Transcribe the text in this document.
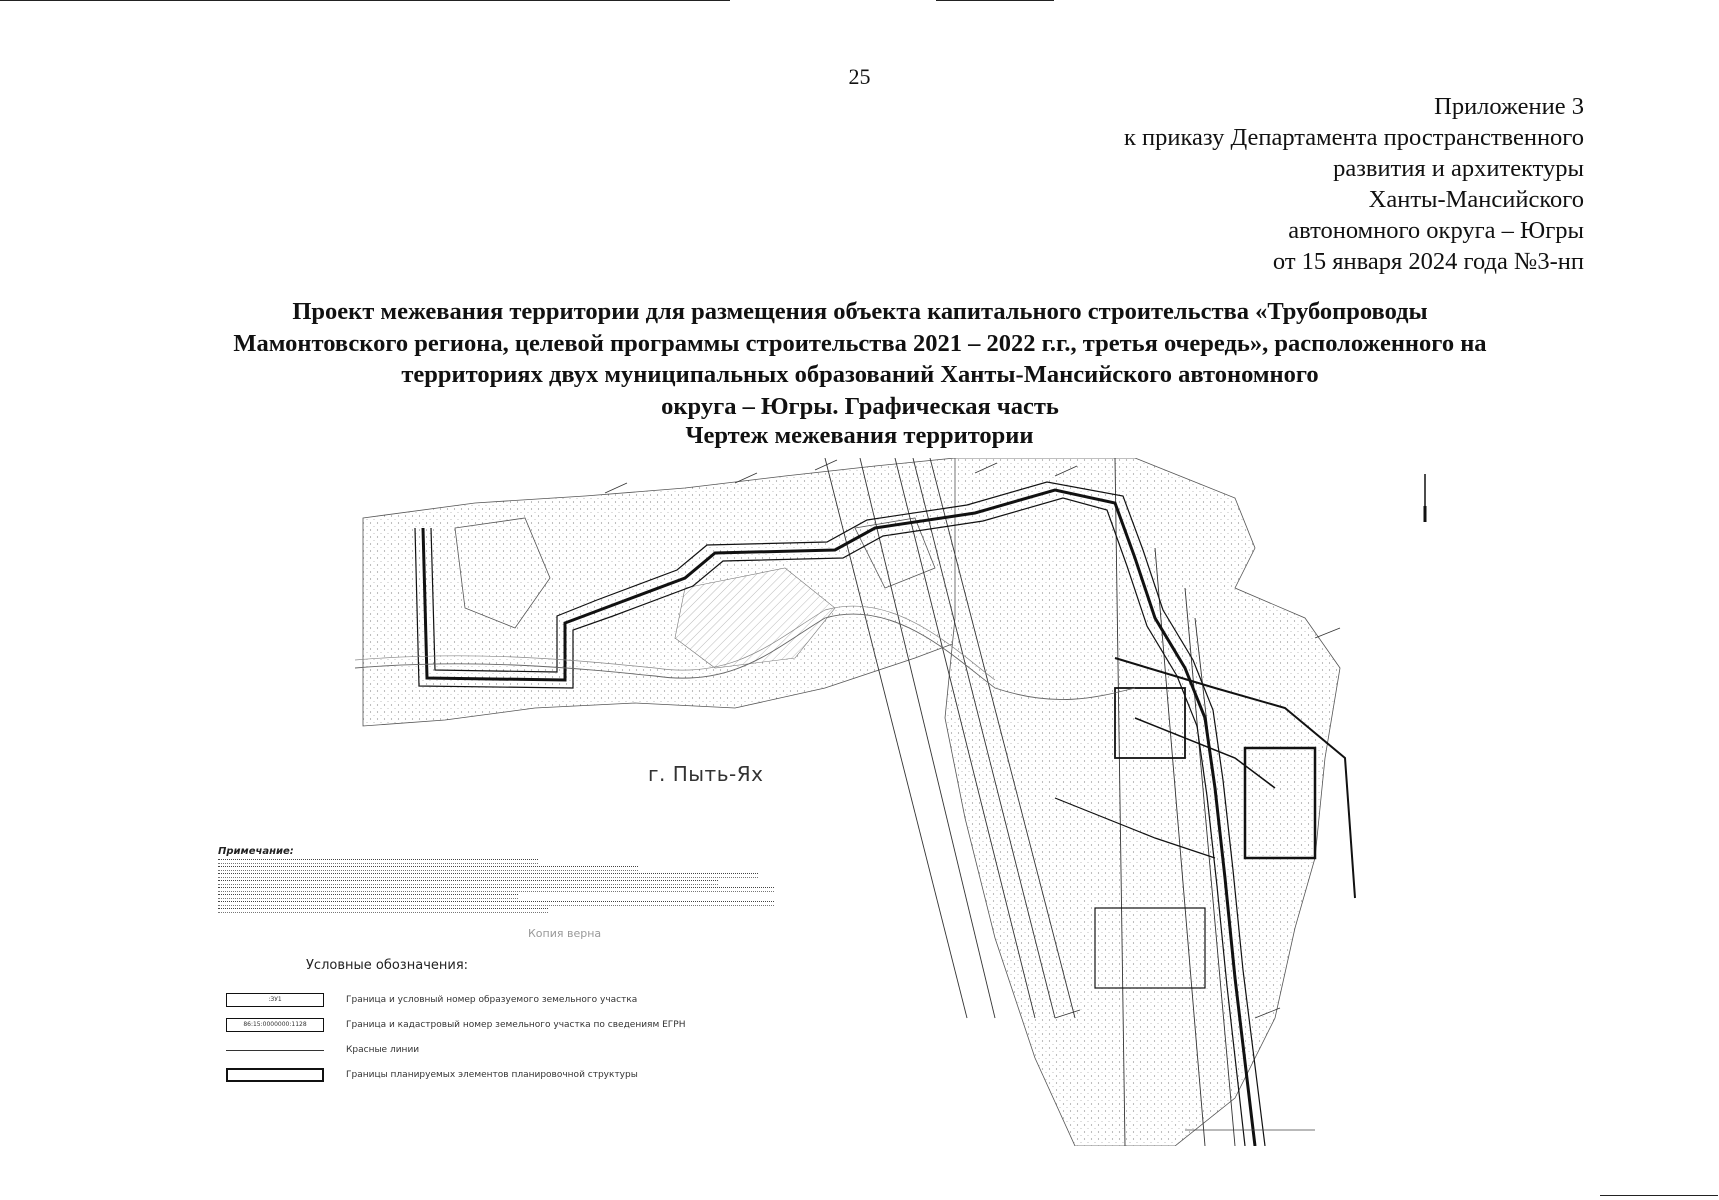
25
Приложение 3
к приказу Департамента пространственного
развития и архитектуры
Ханты-Мансийского
автономного округа – Югры
от 15 января 2024 года №3-нп
Проект межевания территории для размещения объекта капитального строительства «Трубопроводы
Мамонтовского региона, целевой программы строительства 2021 – 2022 г.г., третья очередь», расположенного на
территориях двух муниципальных образований Ханты-Мансийского автономного
округа – Югры. Графическая часть
Чертеж межевания территории
г. Пыть-Ях
Примечание:
Копия верна
Условные обозначения:
:ЗУ1	Граница и условный номер образуемого земельного участка
86:15:0000000:1128	Граница и кадастровый номер земельного участка по сведениям ЕГРН
Красные линии
Границы планируемых элементов планировочной структуры
